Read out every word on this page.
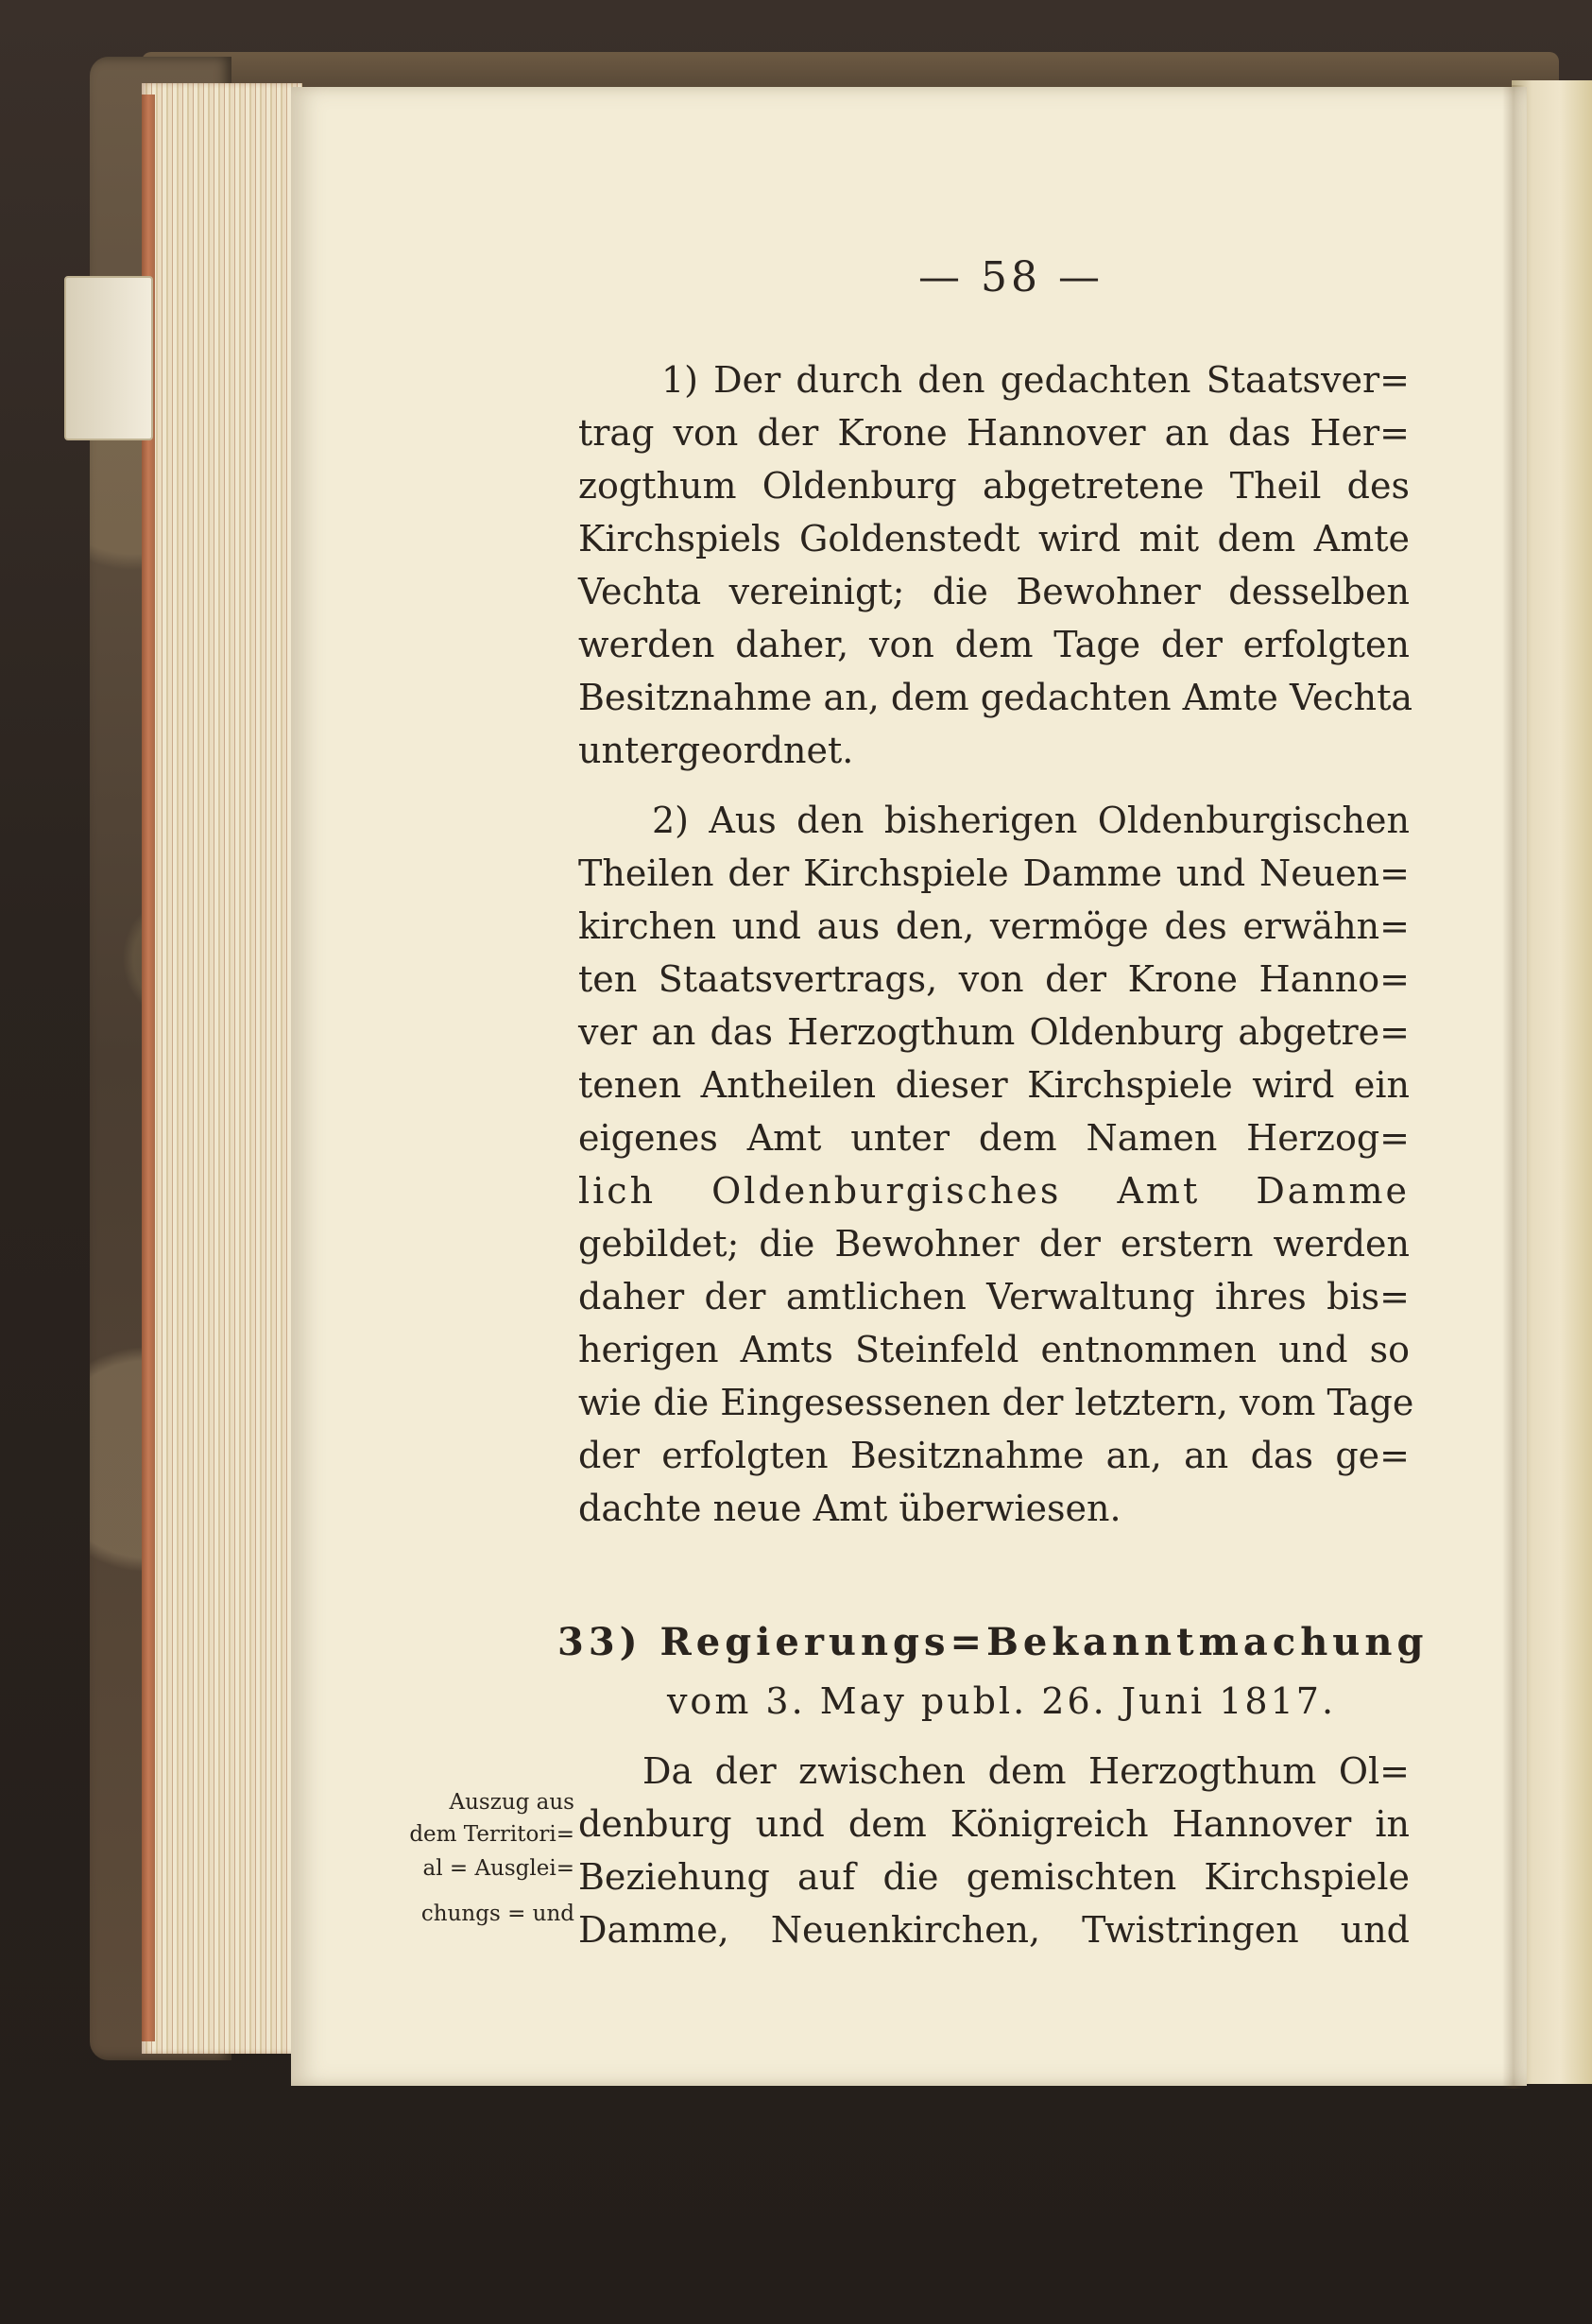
— 58 —
1) Der durch den gedachten Staatsver=
trag von der Krone Hannover an das Her=
zogthum Oldenburg abgetretene Theil des
Kirchspiels Goldenstedt wird mit dem Amte
Vechta vereinigt; die Bewohner desselben
werden daher, von dem Tage der erfolgten
Besitznahme an, dem gedachten Amte Vechta
untergeordnet.
2) Aus den bisherigen Oldenburgischen
Theilen der Kirchspiele Damme und Neuen=
kirchen und aus den, vermöge des erwähn=
ten Staatsvertrags, von der Krone Hanno=
ver an das Herzogthum Oldenburg abgetre=
tenen Antheilen dieser Kirchspiele wird ein
eigenes Amt unter dem Namen Herzog=
lich Oldenburgisches Amt Damme
gebildet; die Bewohner der erstern werden
daher der amtlichen Verwaltung ihres bis=
herigen Amts Steinfeld entnommen und so
wie die Eingesessenen der letztern, vom Tage
der erfolgten Besitznahme an, an das ge=
dachte neue Amt überwiesen.
33) Regierungs=Bekanntmachung
vom 3. May publ. 26. Juni 1817.
Da der zwischen dem Herzogthum Ol=
denburg und dem Königreich Hannover in
Beziehung auf die gemischten Kirchspiele
Damme, Neuenkirchen, Twistringen und
Auszug aus
dem Territori=
al = Ausglei=
chungs = und
